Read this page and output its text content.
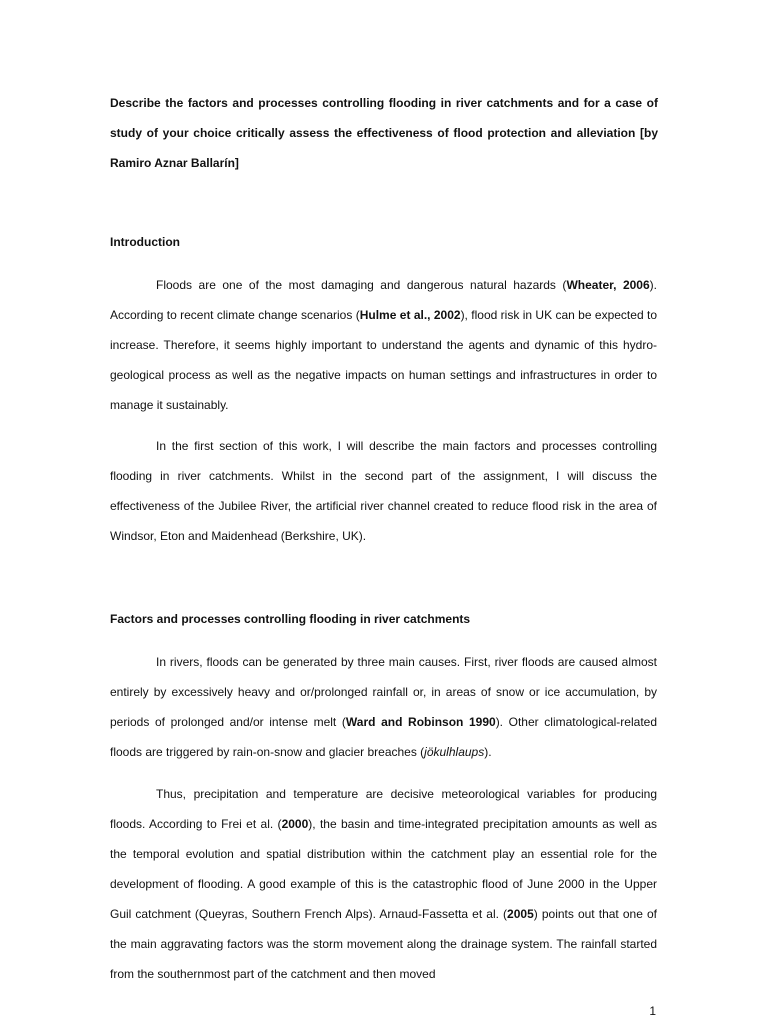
Describe the factors and processes controlling flooding in river catchments and for a case of study of your choice critically assess the effectiveness of flood protection and alleviation [by Ramiro Aznar Ballarín]
Introduction
Floods are one of the most damaging and dangerous natural hazards (Wheater, 2006). According to recent climate change scenarios (Hulme et al., 2002), flood risk in UK can be expected to increase. Therefore, it seems highly important to understand the agents and dynamic of this hydro-geological process as well as the negative impacts on human settings and infrastructures in order to manage it sustainably.
In the first section of this work, I will describe the main factors and processes controlling flooding in river catchments. Whilst in the second part of the assignment, I will discuss the effectiveness of the Jubilee River, the artificial river channel created to reduce flood risk in the area of Windsor, Eton and Maidenhead (Berkshire, UK).
Factors and processes controlling flooding in river catchments
In rivers, floods can be generated by three main causes. First, river floods are caused almost entirely by excessively heavy and or/prolonged rainfall or, in areas of snow or ice accumulation, by periods of prolonged and/or intense melt (Ward and Robinson 1990). Other climatological-related floods are triggered by rain-on-snow and glacier breaches (jökulhlaups).
Thus, precipitation and temperature are decisive meteorological variables for producing floods. According to Frei et al. (2000), the basin and time-integrated precipitation amounts as well as the temporal evolution and spatial distribution within the catchment play an essential role for the development of flooding. A good example of this is the catastrophic flood of June 2000 in the Upper Guil catchment (Queyras, Southern French Alps). Arnaud-Fassetta et al. (2005) points out that one of the main aggravating factors was the storm movement along the drainage system. The rainfall started from the southernmost part of the catchment and then moved
1
